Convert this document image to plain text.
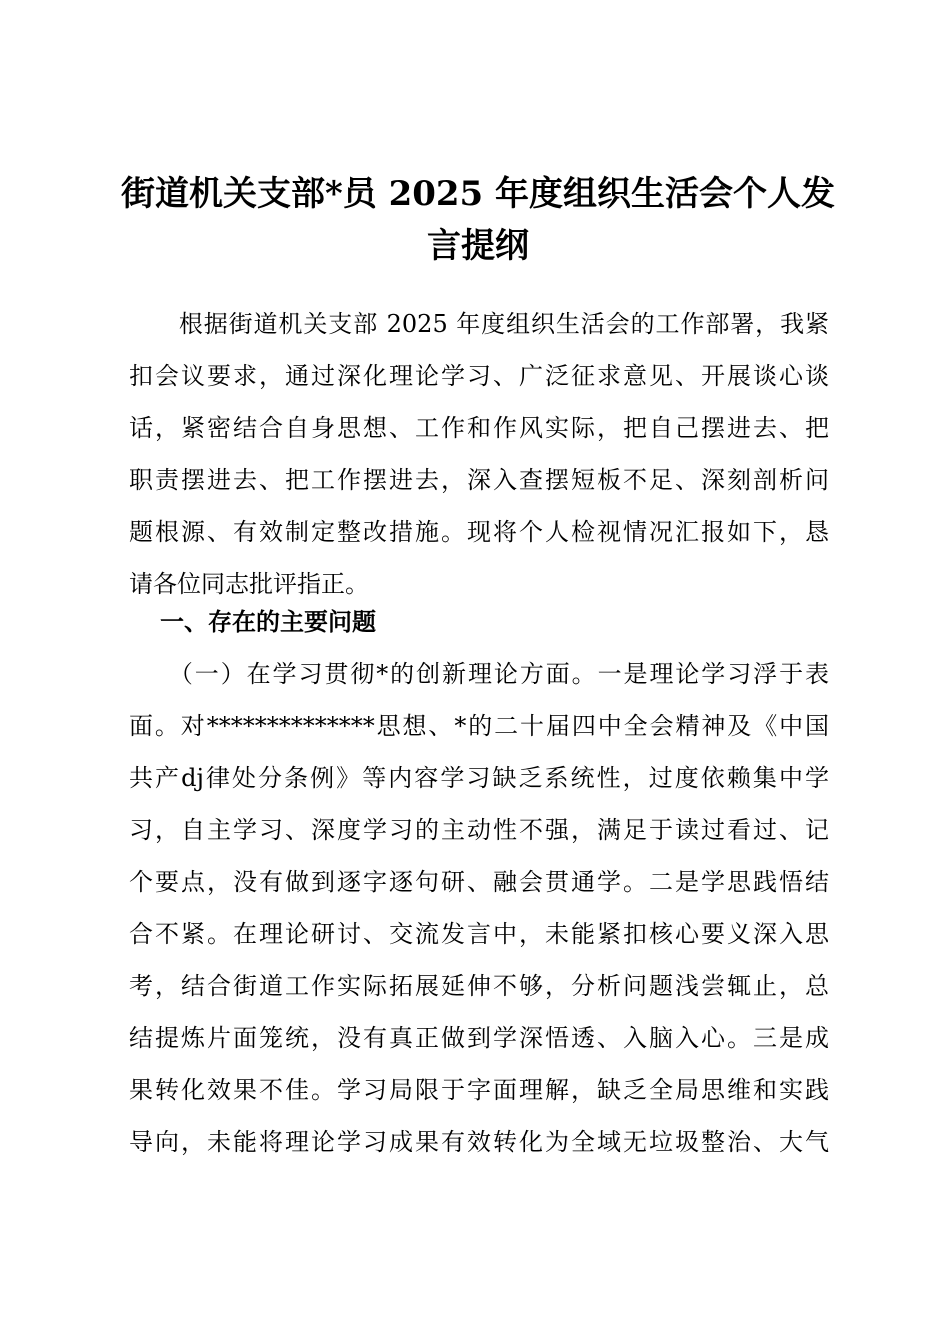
街道机关支部*员 2025 年度组织生活会个人发
言提纲

　　根据街道机关支部 2025 年度组织生活会的工作部署，我紧
扣会议要求，通过深化理论学习、广泛征求意见、开展谈心谈
话，紧密结合自身思想、工作和作风实际，把自己摆进去、把
职责摆进去、把工作摆进去，深入查摆短板不足、深刻剖析问
题根源、有效制定整改措施。现将个人检视情况汇报如下，恳
请各位同志批评指正。

一、存在的主要问题

　　（一）在学习贯彻*的创新理论方面。一是理论学习浮于表
面。对**************思想、*的二十届四中全会精神及《中国
共产dj律处分条例》等内容学习缺乏系统性，过度依赖集中学
习，自主学习、深度学习的主动性不强，满足于读过看过、记
个要点，没有做到逐字逐句研、融会贯通学。二是学思践悟结
合不紧。在理论研讨、交流发言中，未能紧扣核心要义深入思
考，结合街道工作实际拓展延伸不够，分析问题浅尝辄止，总
结提炼片面笼统，没有真正做到学深悟透、入脑入心。三是成
果转化效果不佳。学习局限于字面理解，缺乏全局思维和实践
导向，未能将理论学习成果有效转化为全域无垃圾整治、大气
